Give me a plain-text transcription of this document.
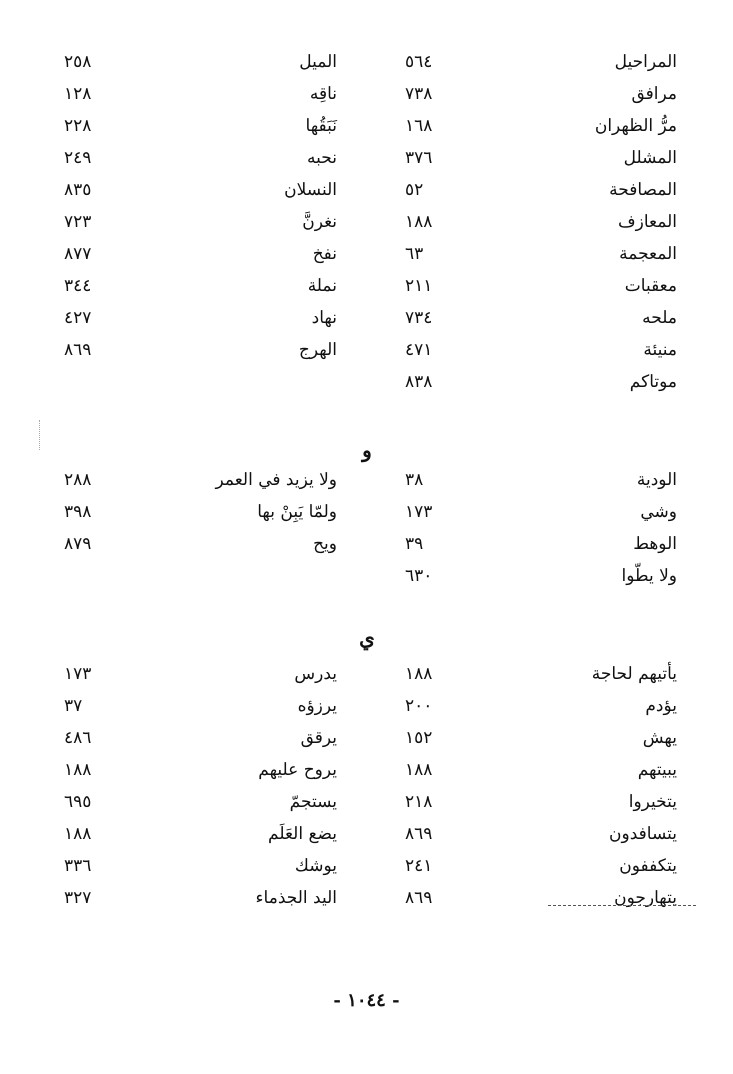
المراحيل
٥٦٤
الميل
٢٥٨
مرافق
٧٣٨
ناقِه
١٢٨
مرُّ الظهران
١٦٨
نَبَقُها
٢٢٨
المشلل
٣٧٦
نحبه
٢٤٩
المصافحة
٥٢
النسلان
٨٣٥
المعازف
١٨٨
نغرنَّ
٧٢٣
المعجمة
٦٣
نفخ
٨٧٧
معقبات
٢١١
نملة
٣٤٤
ملحه
٧٣٤
نهاد
٤٢٧
منيئة
٤٧١
الهرج
٨٦٩
موتاكم
٨٣٨
و
الودية
٣٨
ولا يزيد في العمر
٢٨٨
وشي
١٧٣
ولمّا يَبِنْ بها
٣٩٨
الوهط
٣٩
ويح
٨٧٩
ولا يطّوا
٦٣٠
ي
يأتيهم لحاجة
١٨٨
يدرس
١٧٣
يؤدم
٢٠٠
يرزؤه
٣٧
يهش
١٥٢
يرقق
٤٨٦
يبيتهم
١٨٨
يروح عليهم
١٨٨
يتخيروا
٢١٨
يستجمّ
٦٩٥
يتسافدون
٨٦٩
يضع العَلَم
١٨٨
يتكففون
٢٤١
يوشك
٣٣٦
يتهارجون
٨٦٩
اليد الجذماء
٣٢٧
- ١٠٤٤ -
